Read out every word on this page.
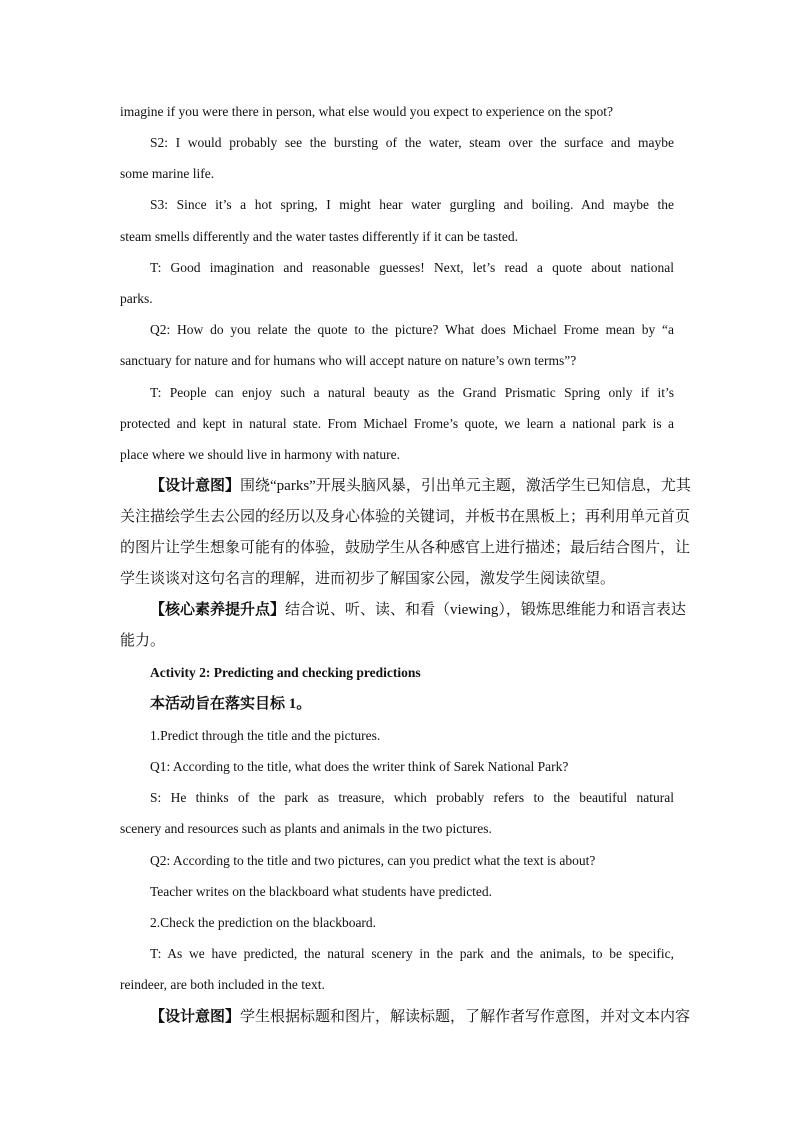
imagine if you were there in person, what else would you expect to experience on the spot?
S2: I would probably see the bursting of the water, steam over the surface and maybe
some marine life.
S3: Since it’s a hot spring, I might hear water gurgling and boiling. And maybe the
steam smells differently and the water tastes differently if it can be tasted.
T: Good imagination and reasonable guesses! Next, let’s read a quote about national
parks.
Q2: How do you relate the quote to the picture? What does Michael Frome mean by “a
sanctuary for nature and for humans who will accept nature on nature’s own terms”?
T: People can enjoy such a natural beauty as the Grand Prismatic Spring only if it’s
protected and kept in natural state. From Michael Frome’s quote, we learn a national park is a
place where we should live in harmony with nature.
【设计意图】围绕“parks”开展头脑风暴，引出单元主题，激活学生已知信息，尤其
关注描绘学生去公园的经历以及身心体验的关键词，并板书在黑板上；再利用单元首页
的图片让学生想象可能有的体验，鼓励学生从各种感官上进行描述；最后结合图片，让
学生谈谈对这句名言的理解，进而初步了解国家公园，激发学生阅读欲望。
【核心素养提升点】结合说、听、读、和看（viewing），锻炼思维能力和语言表达
能力。
Activity 2: Predicting and checking predictions
本活动旨在落实目标 1。
1.Predict through the title and the pictures.
Q1: According to the title, what does the writer think of Sarek National Park?
S: He thinks of the park as treasure, which probably refers to the beautiful natural
scenery and resources such as plants and animals in the two pictures.
Q2: According to the title and two pictures, can you predict what the text is about?
Teacher writes on the blackboard what students have predicted.
2.Check the prediction on the blackboard.
T: As we have predicted, the natural scenery in the park and the animals, to be specific,
reindeer, are both included in the text.
【设计意图】学生根据标题和图片，解读标题，了解作者写作意图，并对文本内容
